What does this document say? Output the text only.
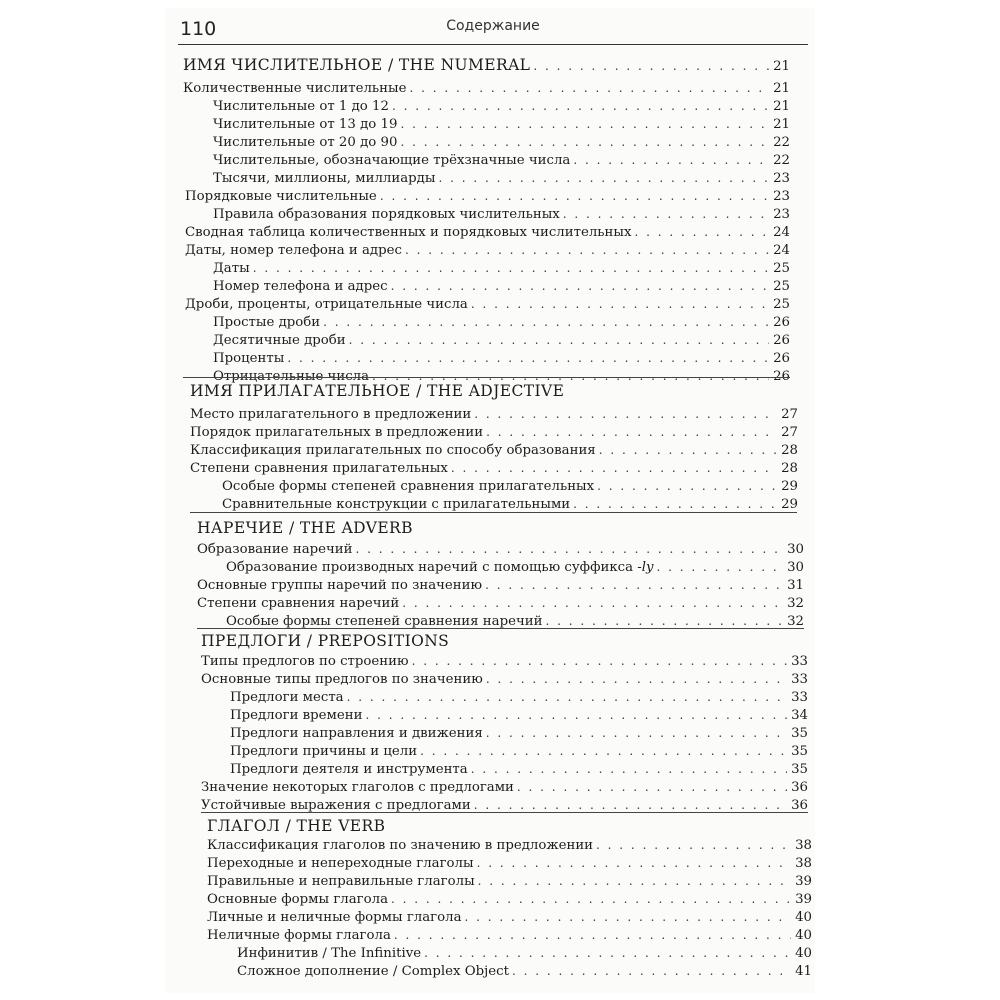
110	Содержание
ИМЯ ЧИСЛИТЕЛЬНОЕ / THE NUMERAL . . .	21
Количественные числительные . . .	21
Числительные от 1 до 12 . . .	21
Числительные от 13 до 19 . . .	21
Числительные от 20 до 90 . . .	22
Числительные, обозначающие трёхзначные числа . . .	22
Тысячи, миллионы, миллиарды . . .	23
Порядковые числительные . . .	23
Правила образования порядковых числительных . . .	23
Сводная таблица количественных и порядковых числительных . . .	24
Даты, номер телефона и адрес . . .	24
Даты . . .	25
Номер телефона и адрес . . .	25
Дроби, проценты, отрицательные числа . . .	25
Простые дроби . . .	26
Десятичные дроби . . .	26
Проценты . . .	26
Отрицательные числа . . .	26
ИМЯ ПРИЛАГАТЕЛЬНОЕ / THE ADJECTIVE
Место прилагательного в предложении . . .	27
Порядок прилагательных в предложении . . .	27
Классификация прилагательных по способу образования . . .	28
Степени сравнения прилагательных . . .	28
Особые формы степеней сравнения прилагательных . . .	29
Сравнительные конструкции с прилагательными . . .	29
НАРЕЧИЕ / THE ADVERB
Образование наречий . . .	30
Образование производных наречий с помощью суффикса -ly . . .	30
Основные группы наречий по значению . . .	31
Степени сравнения наречий . . .	32
Особые формы степеней сравнения наречий . . .	32
ПРЕДЛОГИ / PREPOSITIONS
Типы предлогов по строению . . .	33
Основные типы предлогов по значению . . .	33
Предлоги места . . .	33
Предлоги времени . . .	34
Предлоги направления и движения . . .	35
Предлоги причины и цели . . .	35
Предлоги деятеля и инструмента . . .	35
Значение некоторых глаголов с предлогами . . .	36
Устойчивые выражения с предлогами . . .	36
ГЛАГОЛ / THE VERB
Классификация глаголов по значению в предложении . . .	38
Переходные и непереходные глаголы . . .	38
Правильные и неправильные глаголы . . .	39
Основные формы глагола . . .	39
Личные и неличные формы глагола . . .	40
Неличные формы глагола . . .	40
Инфинитив / The Infinitive . . .	40
Сложное дополнение / Complex Object . . .	41
